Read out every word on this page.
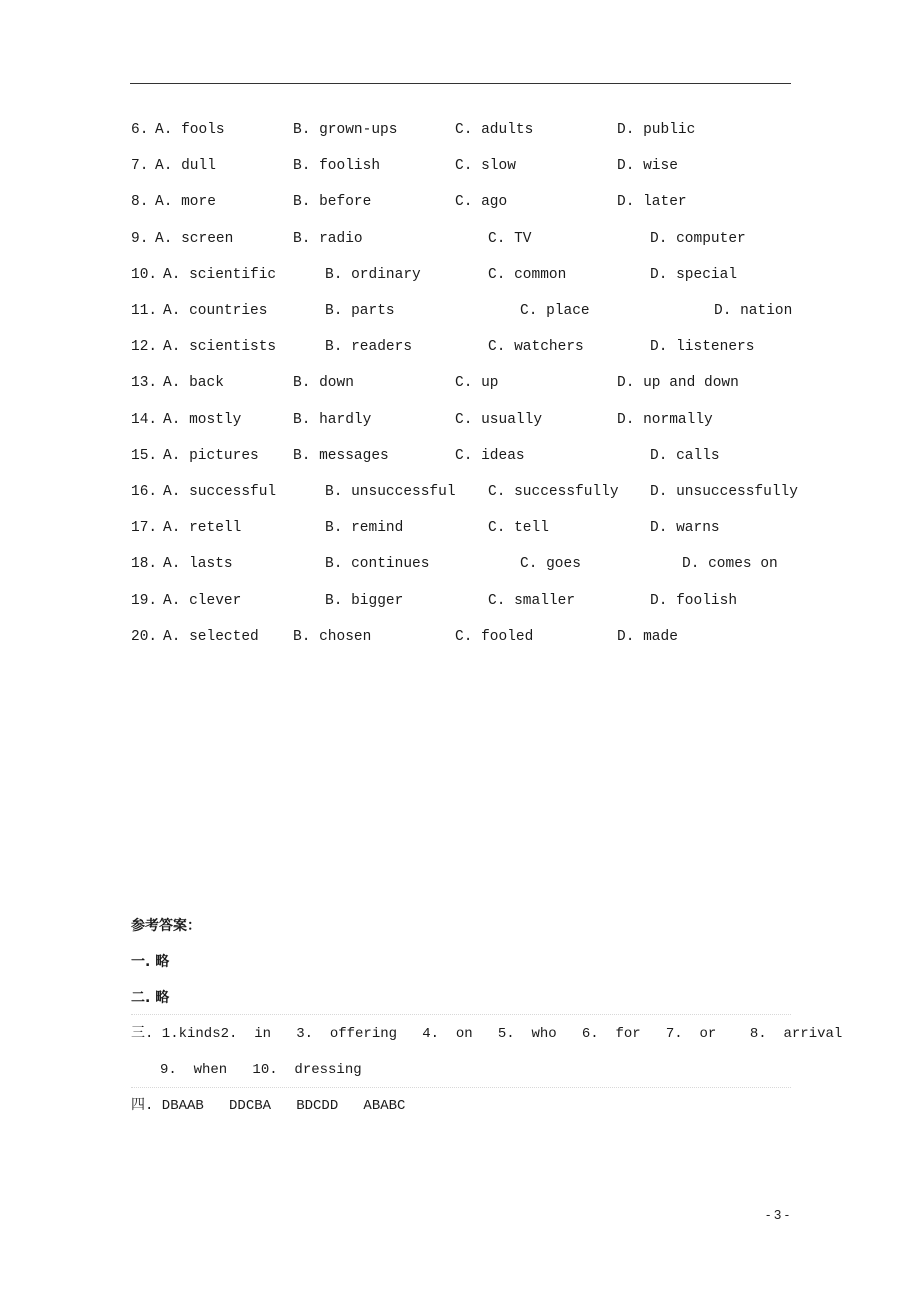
6. A. fools	B. grown-ups	C. adults	D. public
7. A. dull	B. foolish	C. slow	D. wise
8. A. more	B. before	C. ago	D. later
9. A. screen	B. radio	C. TV	D. computer
10. A. scientific	B. ordinary	C. common	D. special
11. A. countries	B. parts	C. place	D. nation
12. A. scientists	B. readers	C. watchers	D. listeners
13. A. back	B. down	C. up	D. up and down
14. A. mostly	B. hardly	C. usually	D. normally
15. A. pictures B. messages	C. ideas	D. calls
16. A. successful	B. unsuccessful C. successfully D. unsuccessfully
17. A. retell	B. remind	C. tell	D. warns
18. A. lasts	B. continues	C. goes	D. comes on
19. A. clever	B. bigger	C. smaller	D. foolish
20. A. selected B. chosen	C. fooled	D. made
参考答案：
一. 略
二. 略
三. 1.kinds2.  in   3.  offering   4.  on   5.  who   6.  for   7.  or    8.  arrival
9.  when   10.  dressing
四. DBAAB   DDCBA   BDCDD   ABABC
- 3 -
